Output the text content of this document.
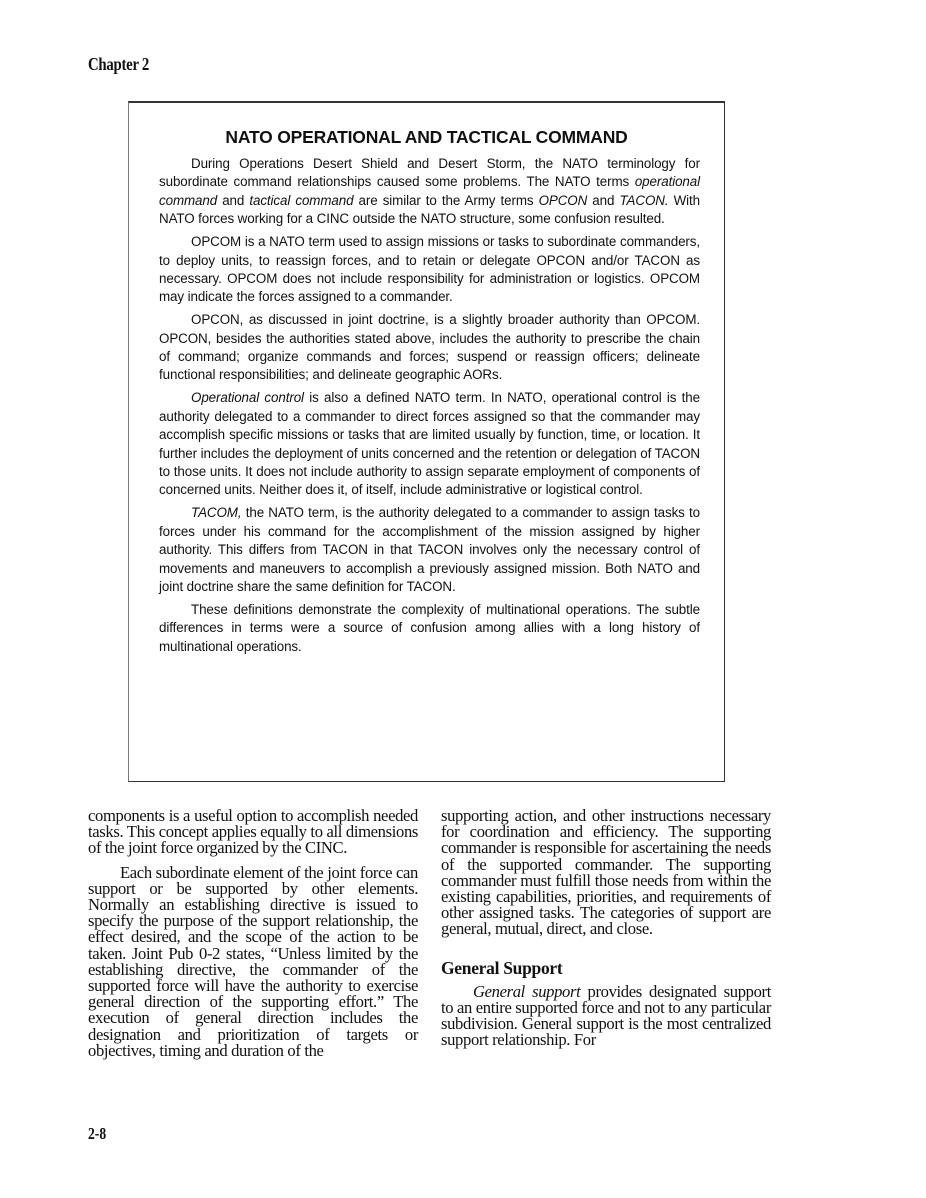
Chapter 2
NATO OPERATIONAL AND TACTICAL COMMAND

During Operations Desert Shield and Desert Storm, the NATO terminology for subordinate command relationships caused some problems. The NATO terms operational command and tactical command are similar to the Army terms OPCON and TACON. With NATO forces working for a CINC outside the NATO structure, some confusion resulted.

OPCOM is a NATO term used to assign missions or tasks to subordinate commanders, to deploy units, to reassign forces, and to retain or delegate OPCON and/or TACON as necessary. OPCOM does not include responsibility for administration or logistics. OPCOM may indicate the forces assigned to a commander.

OPCON, as discussed in joint doctrine, is a slightly broader authority than OPCOM. OPCON, besides the authorities stated above, includes the authority to prescribe the chain of command; organize commands and forces; suspend or reassign officers; delineate functional responsibilities; and delineate geographic AORs.

Operational control is also a defined NATO term. In NATO, operational control is the authority delegated to a commander to direct forces assigned so that the commander may accomplish specific missions or tasks that are limited usually by function, time, or location. It further includes the deployment of units concerned and the retention or delegation of TACON to those units. It does not include authority to assign separate employment of components of concerned units. Neither does it, of itself, include administrative or logistical control.

TACOM, the NATO term, is the authority delegated to a commander to assign tasks to forces under his command for the accomplishment of the mission assigned by higher authority. This differs from TACON in that TACON involves only the necessary control of movements and maneuvers to accomplish a previously assigned mission. Both NATO and joint doctrine share the same definition for TACON.

These definitions demonstrate the complexity of multinational operations. The subtle differences in terms were a source of confusion among allies with a long history of multinational operations.

components is a useful option to accomplish needed tasks. This concept applies equally to all dimensions of the joint force organized by the CINC.

Each subordinate element of the joint force can support or be supported by other elements. Normally an establishing directive is issued to specify the purpose of the support relationship, the effect desired, and the scope of the action to be taken. Joint Pub 0-2 states, “Unless limited by the establishing directive, the commander of the supported force will have the authority to exercise general direction of the supporting effort.” The execution of general direction includes the designation and prioritization of targets or objectives, timing and duration of the

supporting action, and other instructions necessary for coordination and efficiency. The supporting commander is responsible for ascertaining the needs of the supported commander. The supporting commander must fulfill those needs from within the existing capabilities, priorities, and requirements of other assigned tasks. The categories of support are general, mutual, direct, and close.

General Support

General support provides designated support to an entire supported force and not to any particular subdivision. General support is the most centralized support relationship. For

2-8
